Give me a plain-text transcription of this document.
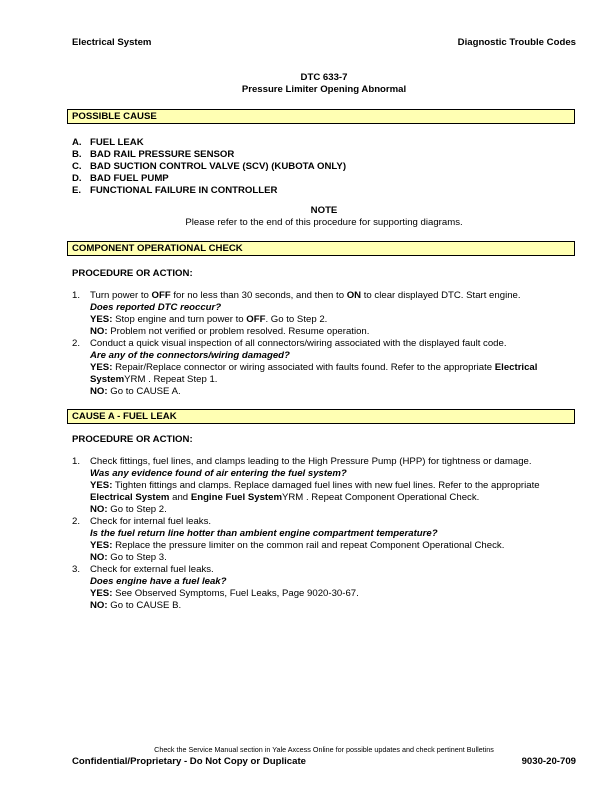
Electrical System	Diagnostic Trouble Codes
DTC 633-7
Pressure Limiter Opening Abnormal
POSSIBLE CAUSE
A. FUEL LEAK
B. BAD RAIL PRESSURE SENSOR
C. BAD SUCTION CONTROL VALVE (SCV) (KUBOTA ONLY)
D. BAD FUEL PUMP
E. FUNCTIONAL FAILURE IN CONTROLLER
NOTE
Please refer to the end of this procedure for supporting diagrams.
COMPONENT OPERATIONAL CHECK
PROCEDURE OR ACTION:
1. Turn power to OFF for no less than 30 seconds, and then to ON to clear displayed DTC. Start engine.
Does reported DTC reoccur?
YES: Stop engine and turn power to OFF. Go to Step 2.
NO: Problem not verified or problem resolved. Resume operation.
2. Conduct a quick visual inspection of all connectors/wiring associated with the displayed fault code.
Are any of the connectors/wiring damaged?
YES: Repair/Replace connector or wiring associated with faults found. Refer to the appropriate Electrical SystemYRM . Repeat Step 1.
NO: Go to CAUSE A.
CAUSE A - FUEL LEAK
PROCEDURE OR ACTION:
1. Check fittings, fuel lines, and clamps leading to the High Pressure Pump (HPP) for tightness or damage.
Was any evidence found of air entering the fuel system?
YES: Tighten fittings and clamps. Replace damaged fuel lines with new fuel lines. Refer to the appropriate Electrical System and Engine Fuel SystemYRM . Repeat Component Operational Check.
NO: Go to Step 2.
2. Check for internal fuel leaks.
Is the fuel return line hotter than ambient engine compartment temperature?
YES: Replace the pressure limiter on the common rail and repeat Component Operational Check.
NO: Go to Step 3.
3. Check for external fuel leaks.
Does engine have a fuel leak?
YES: See Observed Symptoms, Fuel Leaks, Page 9020-30-67.
NO: Go to CAUSE B.
Check the Service Manual section in Yale Axcess Online for possible updates and check pertinent Bulletins
Confidential/Proprietary - Do Not Copy or Duplicate	9030-20-709
